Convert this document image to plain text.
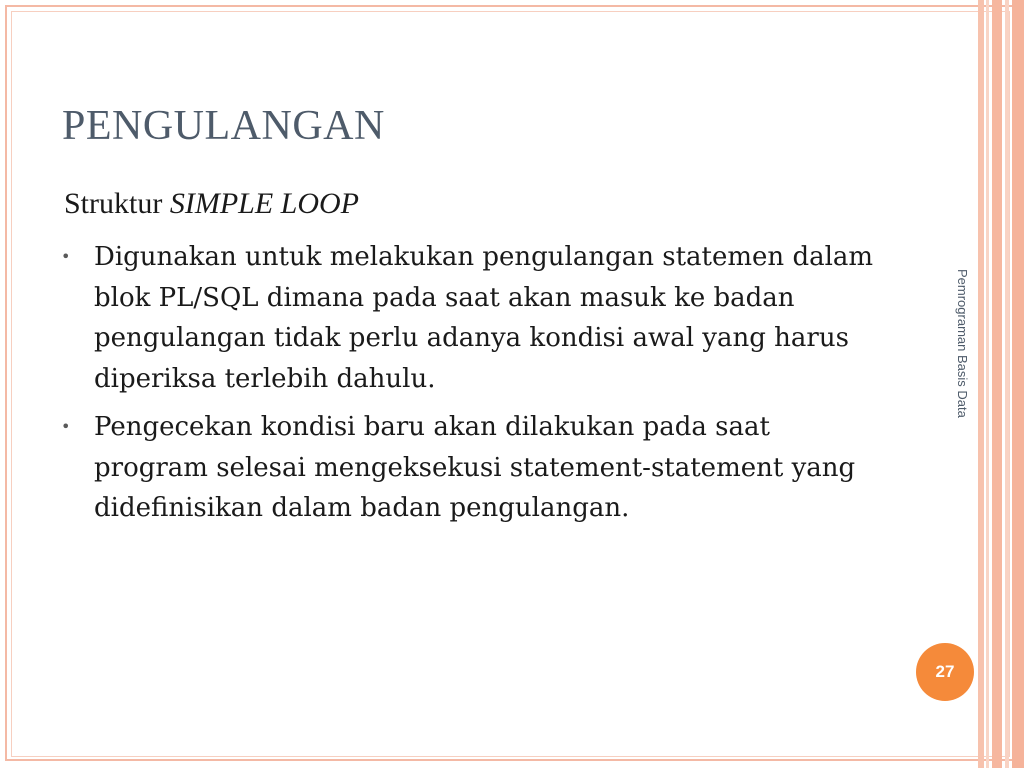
PENGULANGAN
Struktur SIMPLE LOOP
• Digunakan untuk melakukan pengulangan statemen dalam blok PL/SQL dimana pada saat akan masuk ke badan pengulangan tidak perlu adanya kondisi awal yang harus diperiksa terlebih dahulu.
• Pengecekan kondisi baru akan dilakukan pada saat program selesai mengeksekusi statement-statement yang didefinisikan dalam badan pengulangan.
Pemrograman Basis Data
27
